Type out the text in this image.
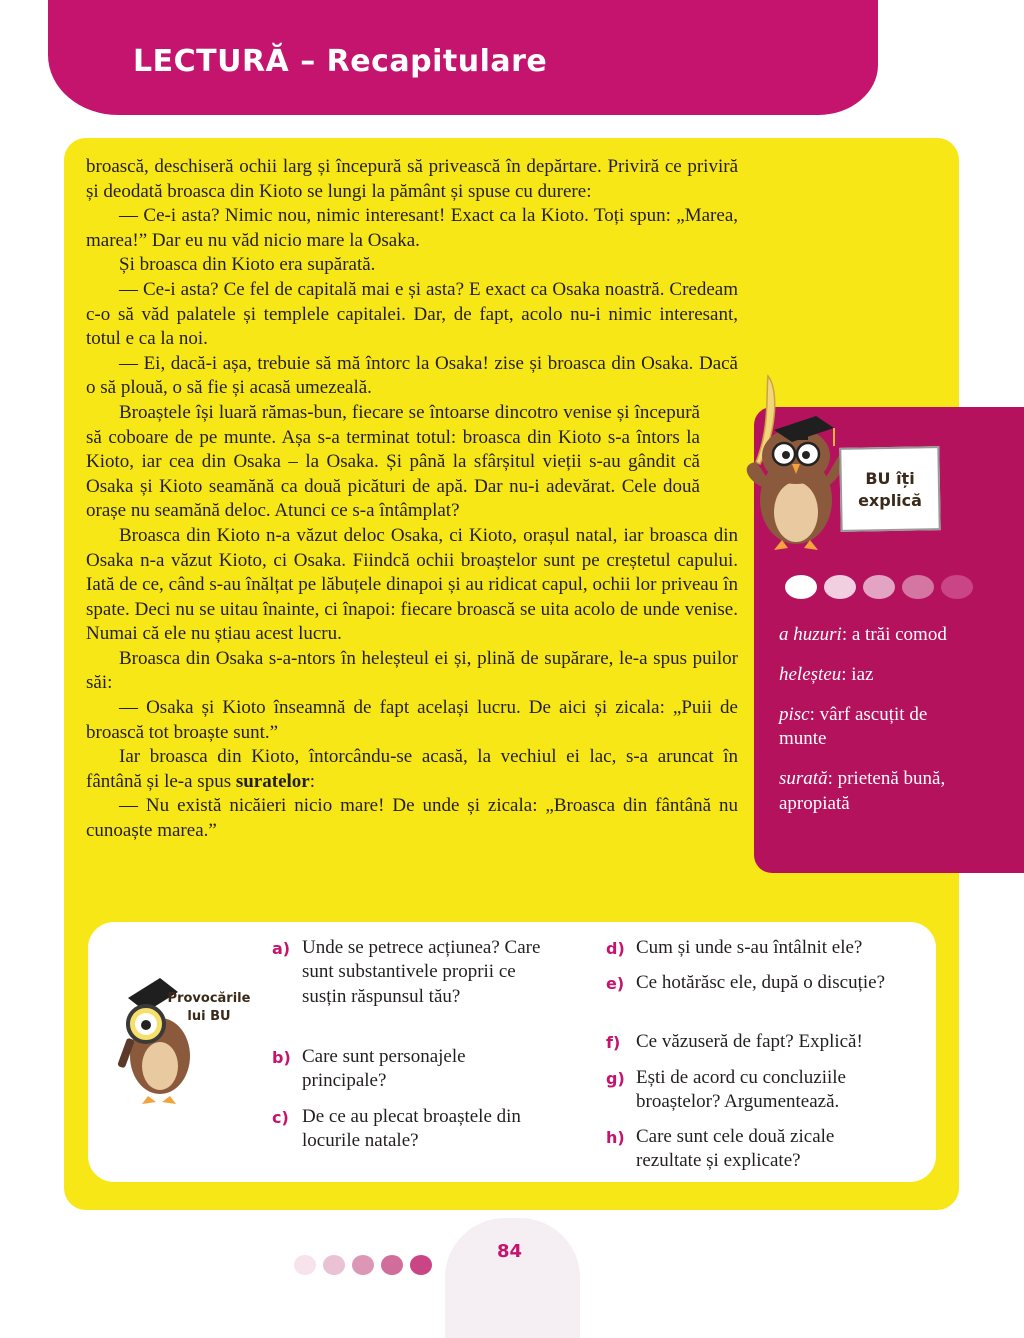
LECTURĂ – Recapitulare

broască, deschiseră ochii larg și începură să privească în depărtare. Priviră ce priviră și deodată broasca din Kioto se lungi la pământ și spuse cu durere:

— Ce-i asta? Nimic nou, nimic interesant! Exact ca la Kioto. Toți spun: „Marea, marea!” Dar eu nu văd nicio mare la Osaka.

Și broasca din Kioto era supărată.

— Ce-i asta? Ce fel de capitală mai e și asta? E exact ca Osaka noastră. Credeam c-o să văd palatele și templele capitalei. Dar, de fapt, acolo nu-i nimic interesant, totul e ca la noi.

— Ei, dacă-i așa, trebuie să mă întorc la Osaka! zise și broasca din Osaka. Dacă o să plouă, o să fie și acasă umezeală.

Broaștele își luară rămas-bun, fiecare se întoarse dincotro venise și începură să coboare de pe munte. Așa s-a terminat totul: broasca din Kioto s-a întors la Kioto, iar cea din Osaka – la Osaka. Și până la sfârșitul vieții s-au gândit că Osaka și Kioto seamănă ca două picături de apă. Dar nu-i adevărat. Cele două orașe nu seamănă deloc. Atunci ce s-a întâmplat?

Broasca din Kioto n-a văzut deloc Osaka, ci Kioto, orașul natal, iar broasca din Osaka n-a văzut Kioto, ci Osaka. Fiindcă ochii broaștelor sunt pe creștetul capului. Iată de ce, când s-au înălțat pe lăbuțele dinapoi și au ridicat capul, ochii lor priveau în spate. Deci nu se uitau înainte, ci înapoi: fiecare broască se uita acolo de unde venise. Numai că ele nu știau acest lucru.

Broasca din Osaka s-a-ntors în heleșteul ei și, plină de supărare, le-a spus puilor săi:

— Osaka și Kioto înseamnă de fapt același lucru. De aici și zicala: „Puii de broască tot broaște sunt.”

Iar broasca din Kioto, întorcându-se acasă, la vechiul ei lac, s-a aruncat în fântână și le-a spus suratelor:

— Nu există nicăieri nicio mare! De unde și zicala: „Broasca din fântână nu cunoaște marea.”

BU îți
explică
a huzuri: a trăi comod
heleșteu: iaz
pisc: vârf ascuțit de munte
surată: prietenă bună, apropiată
Provocările
lui BU
a) Unde se petrece acțiunea? Care sunt substantivele proprii ce susțin răspunsul tău?
b) Care sunt personajele principale?
c) De ce au plecat broaștele din locurile natale?
d) Cum și unde s-au întâlnit ele?
e) Ce hotărăsc ele, după o discuție?
f) Ce văzuseră de fapt? Explică!
g) Ești de acord cu concluziile broaștelor? Argumentează.
h) Care sunt cele două zicale rezultate și explicate?
84
